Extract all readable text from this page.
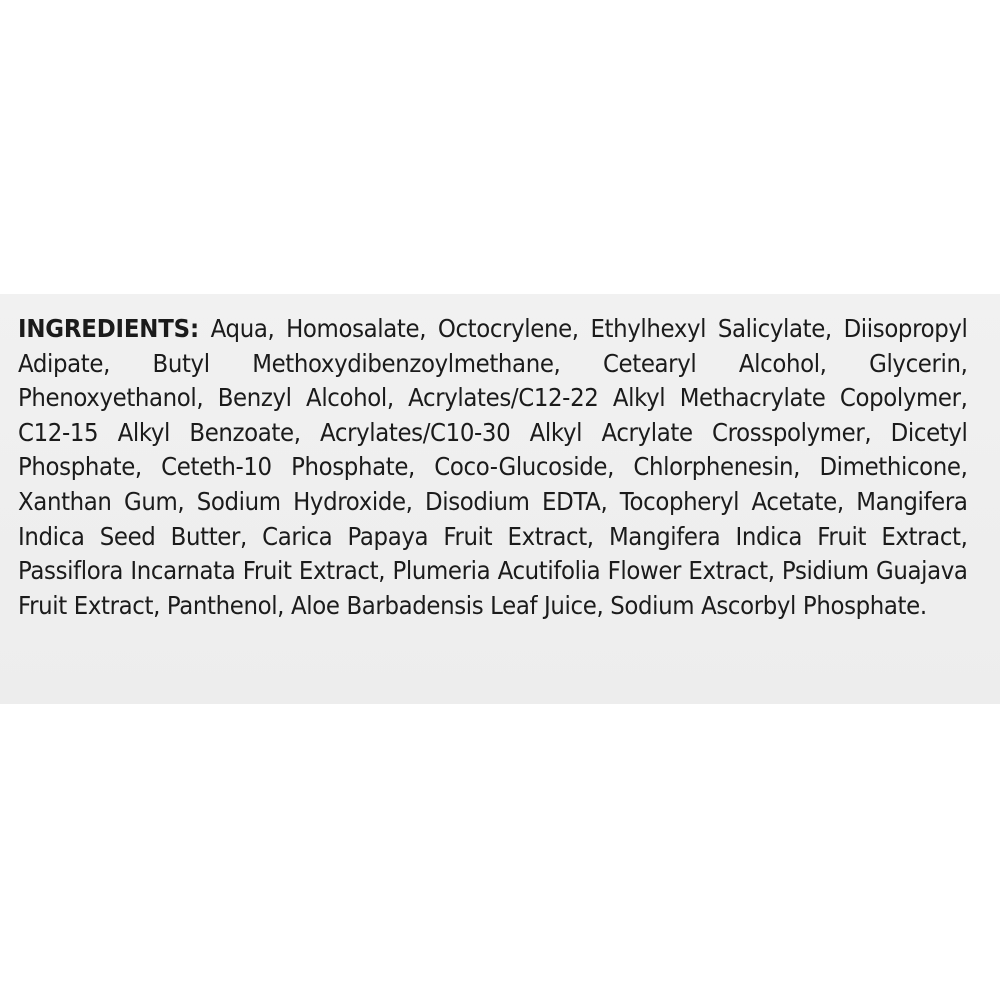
INGREDIENTS: Aqua, Homosalate, Octocrylene, Ethylhexyl Salicylate, Diisopropyl Adipate, Butyl Methoxydibenzoylmethane, Cetearyl Alcohol, Glycerin, Phenoxyethanol, Benzyl Alcohol, Acrylates/C12-22 Alkyl Methacrylate Copolymer, C12-15 Alkyl Benzoate, Acrylates/C10-30 Alkyl Acrylate Crosspolymer, Dicetyl Phosphate, Ceteth-10 Phosphate, Coco-Glucoside, Chlorphenesin, Dimethicone, Xanthan Gum, Sodium Hydroxide, Disodium EDTA, Tocopheryl Acetate, Mangifera Indica Seed Butter, Carica Papaya Fruit Extract, Mangifera Indica Fruit Extract, Passiflora Incarnata Fruit Extract, Plumeria Acutifolia Flower Extract, Psidium Guajava Fruit Extract, Panthenol, Aloe Barbadensis Leaf Juice, Sodium Ascorbyl Phosphate.
